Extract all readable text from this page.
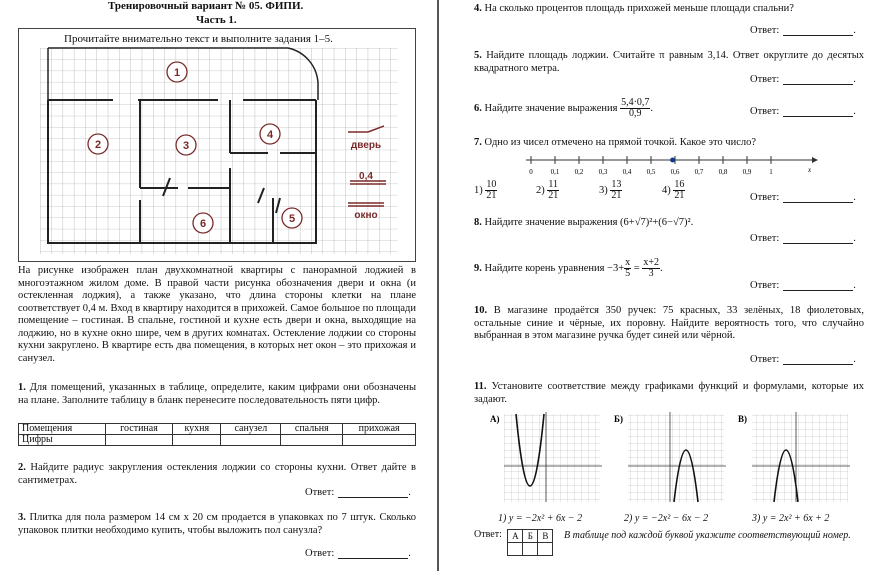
Тренировочный вариант № 05. ФИПИ.
Часть 1.
Прочитайте внимательно текст и выполните задания 1–5.
1
2	3
4
5
6
дверь
0,4
окно
На рисунке изображен план двухкомнатной квартиры с панорамной лоджией в многоэтажном жилом доме. В правой части рисунка обозначения двери и окна (и остекленная лоджия), а также указано, что длина стороны клетки на плане соответствует 0,4 м. Вход в квартиру находится в прихожей. Самое большое по площади помещение – гостиная. В спальне, гостиной и кухне есть двери и окна, выходящие на лоджию, но в кухне окно шире, чем в других комнатах. Остекление лоджии со стороны кухни закруглено. В квартире есть два помещения, в которых нет окон – это прихожая и санузел.
1. Для помещений, указанных в таблице, определите, каким цифрами они обозначены на плане. Заполните таблицу в бланк перенесите последовательность пяти цифр.
Помещения	гостиная	кухня	санузел	спальня	прихожая
Цифры					
2. Найдите радиус закругления остекления лоджии со стороны кухни. Ответ дайте в сантиметрах.
Ответ:	.
3. Плитка для пола размером 14 см x 20 см продается в упаковках по 7 штук. Сколько упаковок плитки необходимо купить, чтобы выложить пол санузла?
Ответ:	.
4. На сколько процентов площадь прихожей меньше площади спальни?
Ответ:	.
5. Найдите площадь лоджии. Считайте π равным 3,14. Ответ округлите до десятых квадратного метра.
Ответ:	.
6. Найдите значение выражения $\frac{5,4\cdot 0,7}{0,9}$ .	Ответ:	.
7. Одно из чисел отмечено на прямой точкой. Какое это число?
x
0	0,1 0,2 0,3 0,4 0,5 0,6 0,7 0,8 0,9	1
$1) \frac{10}{21}$	$2) \frac{11}{21}$	$3) \frac{13}{21}$	$4) \frac{16}{21}$	Ответ:	.
8. Найдите значение выражения (6+√7)²+(6−√7)².
Ответ:	.
9. Найдите корень уравнения $-3+ \frac{x}{5} = \frac{x+2}{3}$ .
Ответ:	.
10. В магазине продаётся 350 ручек: 75 красных, 33 зелёных, 18 фиолетовых, остальные синие и чёрные, их поровну. Найдите вероятность того, что случайно выбранная в этом магазине ручка будет синей или чёрной.
Ответ:	.
11. Установите соответствие между графиками функций и формулами, которые их задают.
А)	Б)	В)
1) y = −2x² + 6x − 2	2) y = −2x² − 6x − 2	3) y = 2x² + 6x + 2
Ответ:	А Б В	В таблице под каждой буквой укажите соответствующий номер.
